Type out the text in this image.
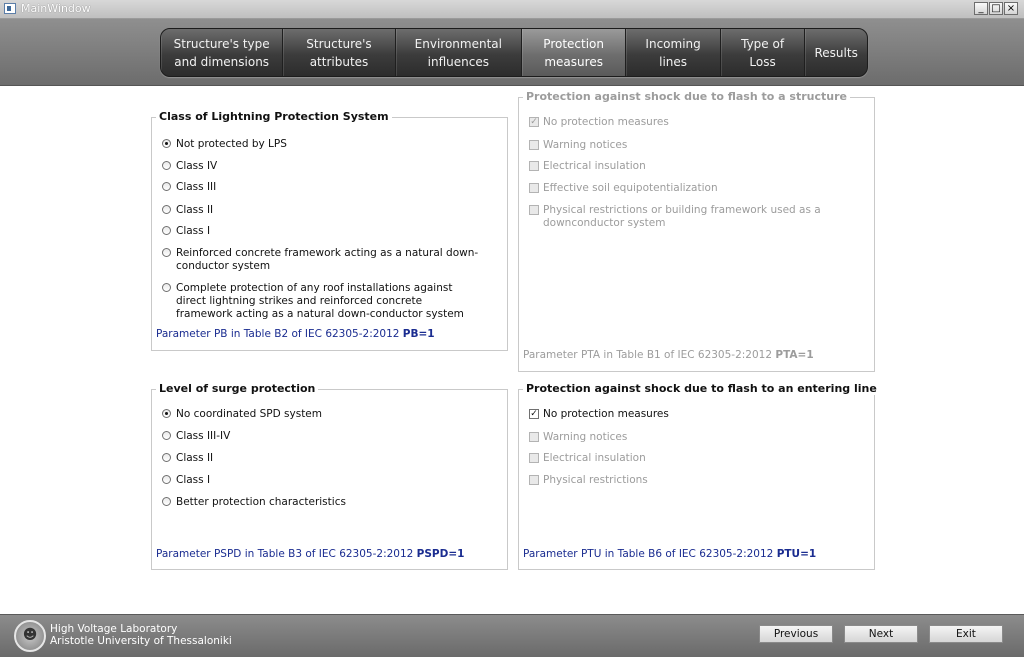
MainWindow	_ □ ×
Structure's type
and dimensions
Structure's
attributes
Environmental
influences
Protection
measures
Incoming
lines
Type of
Loss
Results
Class of Lightning Protection System
Not protected by LPS
Class IV
Class III
Class II
Class I
Reinforced concrete framework acting as a natural down-
conductor system
Complete protection of any roof installations against
direct lightning strikes and reinforced concrete
framework acting as a natural down-conductor system
Parameter PB in Table B2 of IEC 62305-2:2012 PB=1
Protection against shock due to flash to a structure
✓ No protection measures
Warning notices
Electrical insulation
Effective soil equipotentialization
Physical restrictions or building framework used as a
downconductor system
Parameter PTA in Table B1 of IEC 62305-2:2012 PTA=1
Level of surge protection
No coordinated SPD system
Class III-IV
Class II
Class I
Better protection characteristics
Parameter PSPD in Table B3 of IEC 62305-2:2012 PSPD=1
Protection against shock due to flash to an entering line
✓ No protection measures
Warning notices
Electrical insulation
Physical restrictions
Parameter PTU in Table B6 of IEC 62305-2:2012 PTU=1
☻	High Voltage Laboratory
Aristotle University of Thessaloniki
Previous	Next	Exit
